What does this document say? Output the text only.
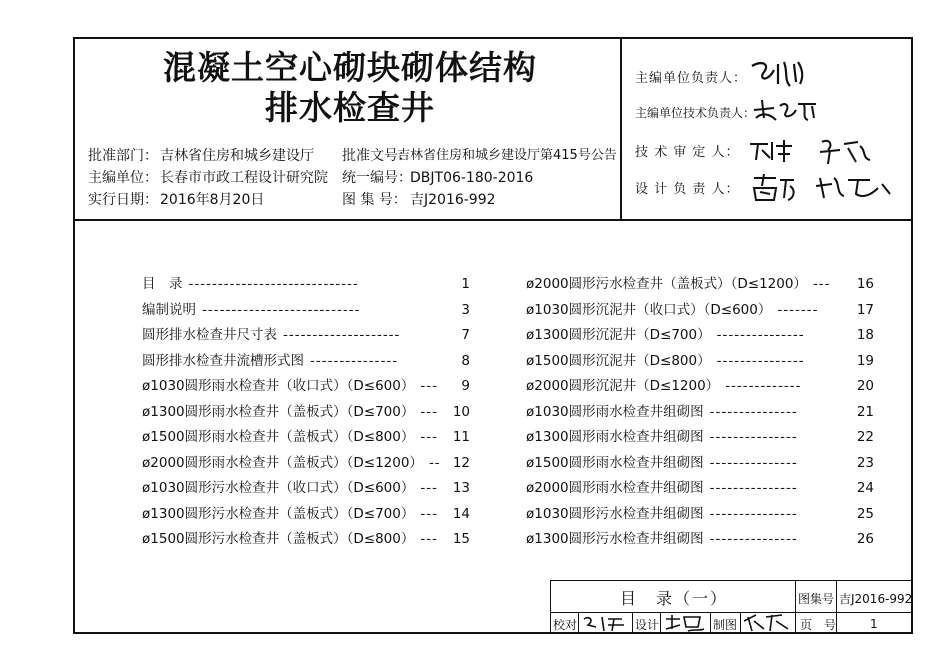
混凝土空心砌块砌体结构
排水检查井
批准部门： 吉林省住房和城乡建设厅 批准文号：
吉林省住房和城乡建设厅第415号公告
主编单位： 长春市市政工程设计研究院 统一编号：
DBJT06-180-2016
实行日期： 2016年8月20日	图 集 号： 吉J2016-992
主编单位负责人：
主编单位技术负责人：
技 术 审 定 人：
设 计 负 责 人：
目　录 -----------------------------	1
编制说明 ---------------------------	3
圆形排水检查井尺寸表 --------------------	7
圆形排水检查井流槽形式图 ---------------	8
ø1030圆形雨水检查井（收口式）（D≤600） ---	9
ø1300圆形雨水检查井（盖板式）（D≤700） ---	10
ø1500圆形雨水检查井（盖板式）（D≤800） ---	11
ø2000圆形雨水检查井（盖板式）（D≤1200） -- 12
ø1030圆形污水检查井（收口式）（D≤600） ---	13
ø1300圆形污水检查井（盖板式）（D≤700） ---	14
ø1500圆形污水检查井（盖板式）（D≤800） ---	15
ø2000圆形污水检查井（盖板式）（D≤1200） ---	16
ø1030圆形沉泥井（收口式）（D≤600） -------	17
ø1300圆形沉泥井（D≤700） ---------------	18
ø1500圆形沉泥井（D≤800） ---------------	19
ø2000圆形沉泥井（D≤1200） -------------	20
ø1030圆形雨水检查井组砌图 ---------------	21
ø1300圆形雨水检查井组砌图 ---------------	22
ø1500圆形雨水检查井组砌图 ---------------	23
ø2000圆形雨水检查井组砌图 ---------------	24
ø1030圆形污水检查井组砌图 ---------------	25
ø1300圆形污水检查井组砌图 ---------------	26
目　录（一）	图集号 吉J2016-992
校对	设计	制图	页　号	1
